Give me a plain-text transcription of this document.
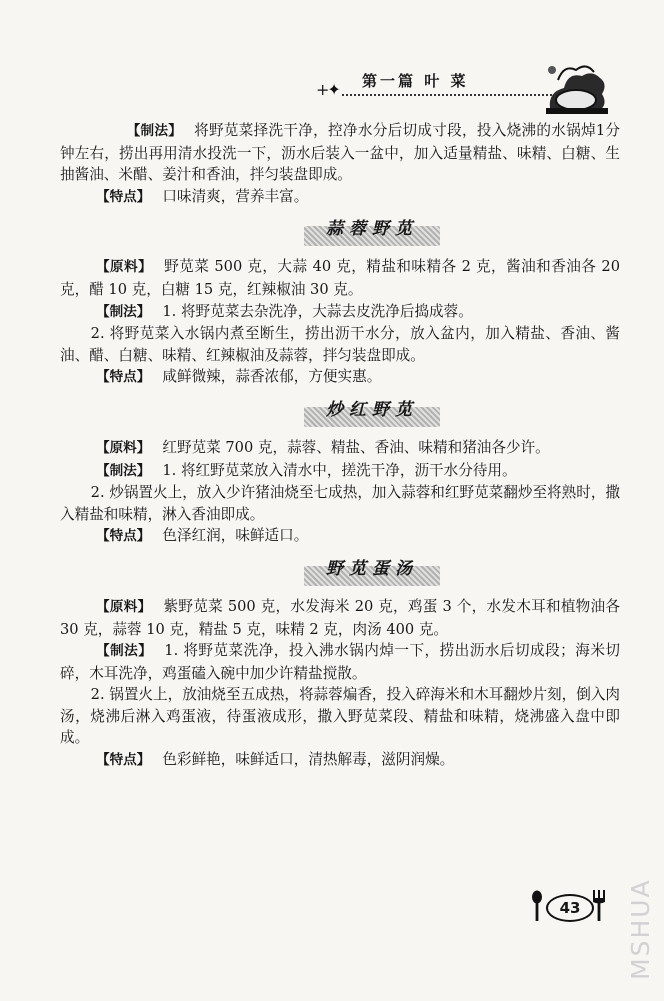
+✦ 第一篇 叶 菜

【制法】 将野苋菜择洗干净，控净水分后切成寸段，投入烧沸的水锅焯1分钟左右，捞出再用清水投洗一下，沥水后装入一盆中，加入适量精盐、味精、白糖、生抽酱油、米醋、姜汁和香油，拌匀装盘即成。

【特点】 口味清爽，营养丰富。

蒜蓉野苋

【原料】 野苋菜 500 克，大蒜 40 克，精盐和味精各 2 克，酱油和香油各 20 克，醋 10 克，白糖 15 克，红辣椒油 30 克。

【制法】 1. 将野苋菜去杂洗净，大蒜去皮洗净后捣成蓉。

2. 将野苋菜入水锅内煮至断生，捞出沥干水分，放入盆内，加入精盐、香油、酱油、醋、白糖、味精、红辣椒油及蒜蓉，拌匀装盘即成。

【特点】 咸鲜微辣，蒜香浓郁，方便实惠。

炒红野苋

【原料】 红野苋菜 700 克，蒜蓉、精盐、香油、味精和猪油各少许。

【制法】 1. 将红野苋菜放入清水中，搓洗干净，沥干水分待用。

2. 炒锅置火上，放入少许猪油烧至七成热，加入蒜蓉和红野苋菜翻炒至将熟时，撒入精盐和味精，淋入香油即成。

【特点】 色泽红润，味鲜适口。

野苋蛋汤

【原料】 紫野苋菜 500 克，水发海米 20 克，鸡蛋 3 个，水发木耳和植物油各 30 克，蒜蓉 10 克，精盐 5 克，味精 2 克，肉汤 400 克。

【制法】 1. 将野苋菜洗净，投入沸水锅内焯一下，捞出沥水后切成段；海米切碎，木耳洗净，鸡蛋磕入碗中加少许精盐搅散。

2. 锅置火上，放油烧至五成热，将蒜蓉煸香，投入碎海米和木耳翻炒片刻，倒入肉汤，烧沸后淋入鸡蛋液，待蛋液成形，撒入野苋菜段、精盐和味精，烧沸盛入盘中即成。

【特点】 色彩鲜艳，味鲜适口，清热解毒，滋阴润燥。

43	MSHUA
